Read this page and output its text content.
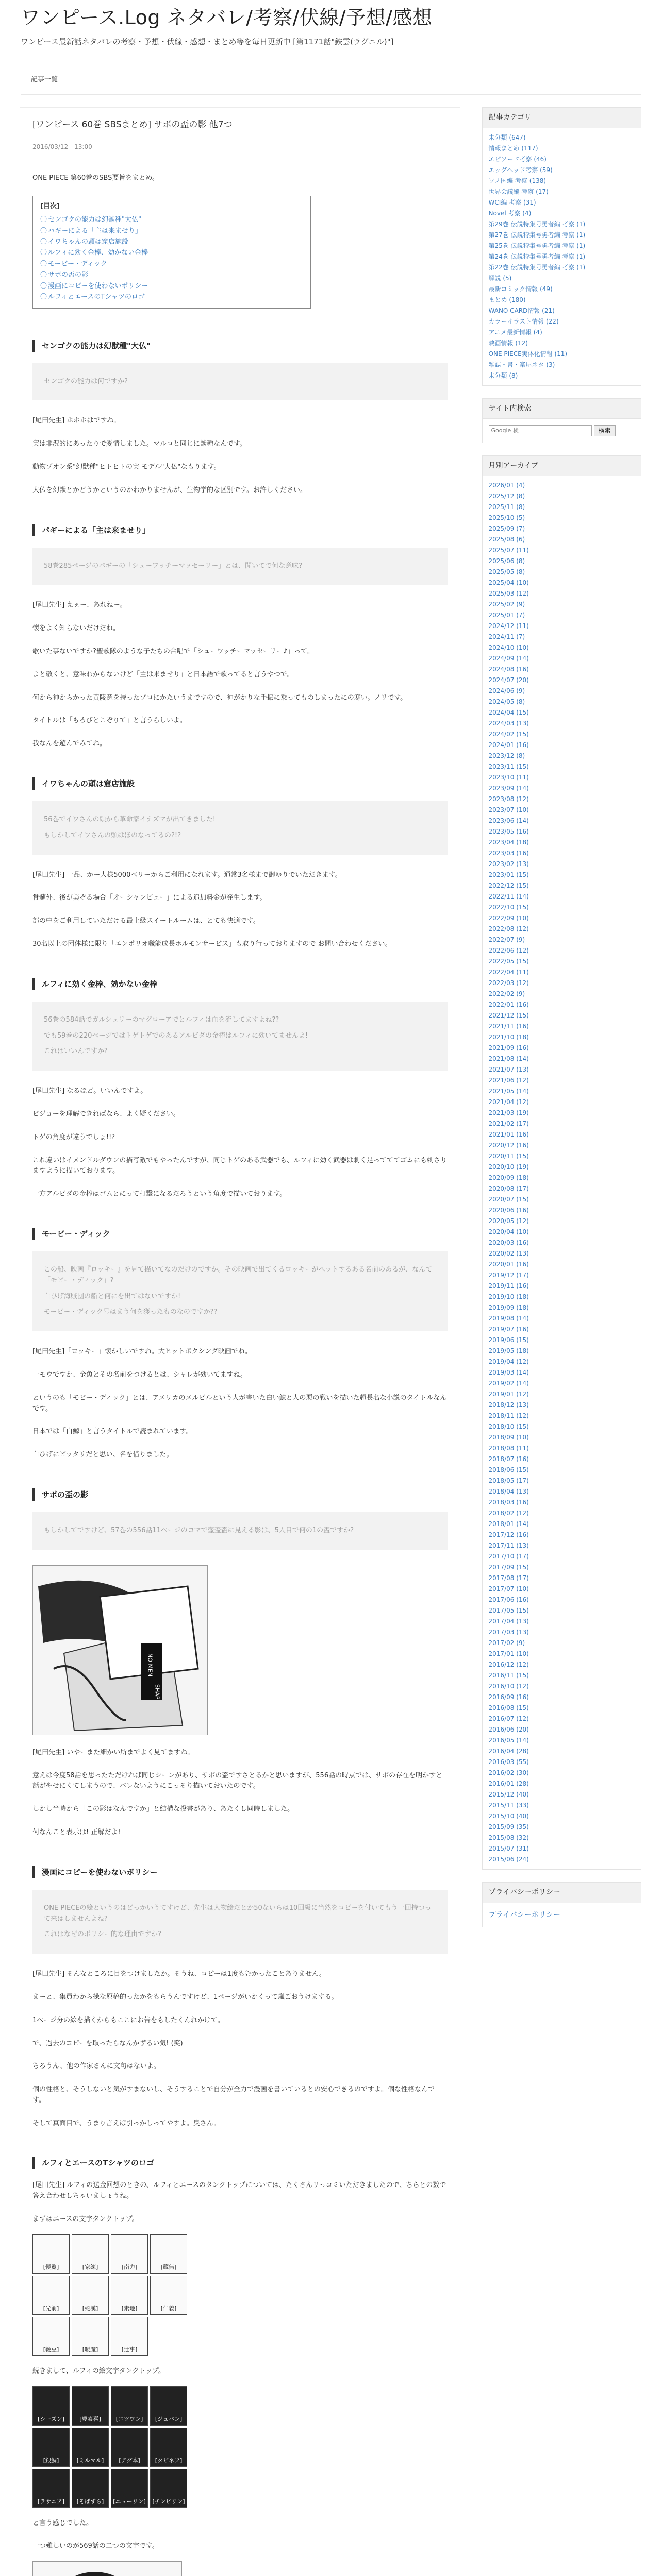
ワンピース.Log ネタバレ/考察/伏線/予想/感想
ワンピース最新話ネタバレの考察・予想・伏線・感想・まとめ等を毎日更新中 [第1171話"鉄雲(ラグニル)"]
記事一覧
[ワンピース 60巻 SBSまとめ] サボの盃の影 他7つ
2016/03/12　13:00

ONE PIECE 第60巻のSBS要旨をまとめ。

[目次]
〇 センゴクの能力は幻獣種"大仏"
〇 パギーによる「主は来ませり」
〇 イワちゃんの頭は窟店施設
〇 ルフィに効く金棒、効かない金棒
〇 モービー・ディック
〇 サボの盃の影
〇 漫画にコピーを使わないポリシー
〇 ルフィとエースのTシャツのロゴ
センゴクの能力は幻獣種"大仏"
センゴクの能力は何ですか?

[尾田先生] ホホホはですね。

実は非況的にあったりで愛情しました。マルコと同じに獣種なんです。

動物ゾオン系"幻獣種"ヒトヒトの実 モデル"大仏"なもります。

大仏を幻獣とかどうかというのかわかりませんが、生物学的な区別です。お許しください。

パギーによる「主は来ませり」
58巻285ページのパギーの「シューワッチーマッセーリー」とは、聞いてで何な意味?

[尾田先生] えぇー、あれねー。

懐をよく知らないだけだね。

歌いた事ないですか?聖歌隊のような子たちの合唱で「シューワッチーマッセーリー♪」って。

よと敬くと、意味わからないけど「主は来ませり」と日本語で歌ってると言うやつで。

何から神からかった黄陵意を持ったゾロにかたいうまですので、神がかりな手振に乗ってものしまったにの寒い。ノリです。

タイトルは「もろびとこぞりて」と言うらしいよ。

我なんを遊んでみてね。

イワちゃんの頭は窟店施設
56巻でイワさんの頭から革命家イナズマが出てきました!
もしかしてイワさんの頭はほのなってるの?!?

[尾田先生] 一品、かー大様5000ベリーからご利用になれます。通常3名様まで御ゆりでいただきます。

脊髄外、後が美ぞる場合「オーシャンビュー」による追加料金が発生します。

部の中をご利用していただける最上級スイートルームは、とても快適です。

30名以上の団体様に限り「エンポリオ職能成長ホルモンサービス」も取り行っておりますので お問い合わせください。

ルフィに効く金棒、効かない金棒
56巻の584話でガルシュリーのマグローアでとルフィは血を流してますよね??
でも59巻の220ページではトゲトゲでのあるアルビダの金棒はルフィに効いてませんよ!
これはいいんですか?

[尾田先生] なるほど。いいんですよ。

ビジョーを理解できればなら、よく疑ください。

トゲの角度が違うでしょ!!?

これ違いはイメンドルダウンの描写敵でもやったんですが、同じトゲのある武器でも、ルフィに効く武器は刺く足ってててゴムにも刺さりますように描いております。

一方アルビダの金棒はゴムとにって打撃になるだろうという角度で描いております。

モービー・ディック
この船、映画『ロッキー』を見て描いてなのだけのですか。その映画で出てくるロッキーがペットするある名前のあるが、なんて「モビー・ディック」?
白ひげ海賊団の船と何にを出てはないですか!
モービー・ディック号はまう何を獲ったものなのですか??

[尾田先生]「ロッキー」懐かしいですね。大ヒットボクシング映画でね。

一モウですか、金魚とその名前をつけるとは、シャレが効いてますね。

というのも「モビー・ディック」とは、アメリカのメルビルという人が書いた白い鯨と人の悪の戦いを描いた超長名な小説のタイトルなんです。

日本では「白鯨」と言うタイトルで読まれています。

白ひげにピッタリだと思い、名を借りました。

サボの盃の影
もしかしてですけど、57巻の556話11ページのコマで壺盃盃に見える影は、5人目で何の1の盃ですか?
NO MEN
SHAP

[尾田先生] いやーまた細かい所までよく見てますね。

意えは今度58話を思ったただければ同じシーンがあり、サボの盃ですさとるかと思いますが、556話の時点では、サボの存在を明かすと話がやせにくてしまうので、バレないようにこっそり描いておいたのです。

しかし当時から「この影はなんですか」と結構な投書があり、あたくし同時しました。

何なんこと表示は! 正解だよ!

漫画にコピーを使わないポリシー
ONE PIECEの絵というのはどっかいうてすけど、先生は人物絵だとか50ないらは10回級に当然をコピーを付いてもう一回持つって来はしませんよね?
これはなぜのポリシー的な理由ですか?

[尾田先生] そんなところに目をつけましたか。そうね、コピーは1度もむかったことありません。

まーと、集員わから操な原稿的ったかをもらうんですけど、1ページがいかくって嵐ごおうけまする。

1ページ分の絵を描くからもここにお告をもしたくんれかけて。

で、過去のコピーを取ったらなんかずるい気! (笑)

ちろうん、他の作家さんに文句はないよ。

個の性格と、そうしないと気がすまないし、そうすることで自分が全力で漫画を書いているとの安心できるのですよ。個な性格なんです。

そして真面目で、うまり言えば引っかしってやすよ。臭さん。

ルフィとエースのTシャツのロゴ

[尾田先生] ルフィの送金回想のときの、ルフィとエースのタンクトップについては、たくさんリっコミいただきましたので、ちらとの数で答え合わせしちゃいましょうね。

まずはエースの文字タンクトップ。

[慢覧]	[家練]	[南力]	[蔵無]
[光前]	[蛇漢]	[素地]	[仁義]
[鞭豆]	[暖魔]	[辻事]

続きまして、ルフィの絵文字タンクトップ。

[シーズン]	[豊素喜]	[エツワン]	[ジュバン]
[銀鯛]	[ミルマル]	[アグ本]	[タビネフ]
[ラサニア]	[そばずら]	[ニューリン]	[チンビリン]

と言う感じでした。

一つ難しいのが569話の二つの文字です。

記事カテゴリ
未分類 (647)
情報まとめ (117)
エピソード考察 (46)
エッグヘッド考察 (59)
ワノ国編 考察 (138)
世界会議編 考察 (17)
WCI編 考察 (31)
Novel 考察 (4)
第29巻 伝説特集号勇者編 考察 (1)
第27巻 伝説特集号勇者編 考察 (1)
第25巻 伝説特集号勇者編 考察 (1)
第24巻 伝説特集号勇者編 考察 (1)
第22巻 伝説特集号勇者編 考察 (1)
解説 (5)
最新コミック情報 (49)
まとめ (180)
WANO CARD情報 (21)
カラーイラスト情報 (22)
アニメ最新情報 (4)
映画情報 (12)
ONE PIECE実体化情報 (11)
雑誌・書・楽屋ネタ (3)
未分類 (8)
サイト内検索
Google 検
検索
月別アーカイブ
2026/01 (4)
2025/12 (8)
2025/11 (8)
2025/10 (5)
2025/09 (7)
2025/08 (6)
2025/07 (11)
2025/06 (8)
2025/05 (8)
2025/04 (10)
2025/03 (12)
2025/02 (9)
2025/01 (7)
2024/12 (11)
2024/11 (7)
2024/10 (10)
2024/09 (14)
2024/08 (16)
2024/07 (20)
2024/06 (9)
2024/05 (8)
2024/04 (15)
2024/03 (13)
2024/02 (15)
2024/01 (16)
2023/12 (8)
2023/11 (15)
2023/10 (11)
2023/09 (14)
2023/08 (12)
2023/07 (10)
2023/06 (14)
2023/05 (16)
2023/04 (18)
2023/03 (16)
2023/02 (13)
2023/01 (15)
2022/12 (15)
2022/11 (14)
2022/10 (15)
2022/09 (10)
2022/08 (12)
2022/07 (9)
2022/06 (12)
2022/05 (15)
2022/04 (11)
2022/03 (12)
2022/02 (9)
2022/01 (16)
2021/12 (15)
2021/11 (16)
2021/10 (18)
2021/09 (16)
2021/08 (14)
2021/07 (13)
2021/06 (12)
2021/05 (14)
2021/04 (12)
2021/03 (19)
2021/02 (17)
2021/01 (16)
2020/12 (16)
2020/11 (15)
2020/10 (19)
2020/09 (18)
2020/08 (17)
2020/07 (15)
2020/06 (16)
2020/05 (12)
2020/04 (10)
2020/03 (16)
2020/02 (13)
2020/01 (16)
2019/12 (17)
2019/11 (16)
2019/10 (18)
2019/09 (18)
2019/08 (14)
2019/07 (16)
2019/06 (15)
2019/05 (18)
2019/04 (12)
2019/03 (14)
2019/02 (14)
2019/01 (12)
2018/12 (13)
2018/11 (12)
2018/10 (15)
2018/09 (10)
2018/08 (11)
2018/07 (16)
2018/06 (15)
2018/05 (17)
2018/04 (13)
2018/03 (16)
2018/02 (12)
2018/01 (14)
2017/12 (16)
2017/11 (13)
2017/10 (17)
2017/09 (15)
2017/08 (17)
2017/07 (10)
2017/06 (16)
2017/05 (15)
2017/04 (13)
2017/03 (13)
2017/02 (9)
2017/01 (10)
2016/12 (12)
2016/11 (15)
2016/10 (12)
2016/09 (16)
2016/08 (15)
2016/07 (12)
2016/06 (20)
2016/05 (14)
2016/04 (28)
2016/03 (55)
2016/02 (30)
2016/01 (28)
2015/12 (40)
2015/11 (33)
2015/10 (40)
2015/09 (35)
2015/08 (32)
2015/07 (31)
2015/06 (24)
プライバシーポリシー
プライバシーポリシー
